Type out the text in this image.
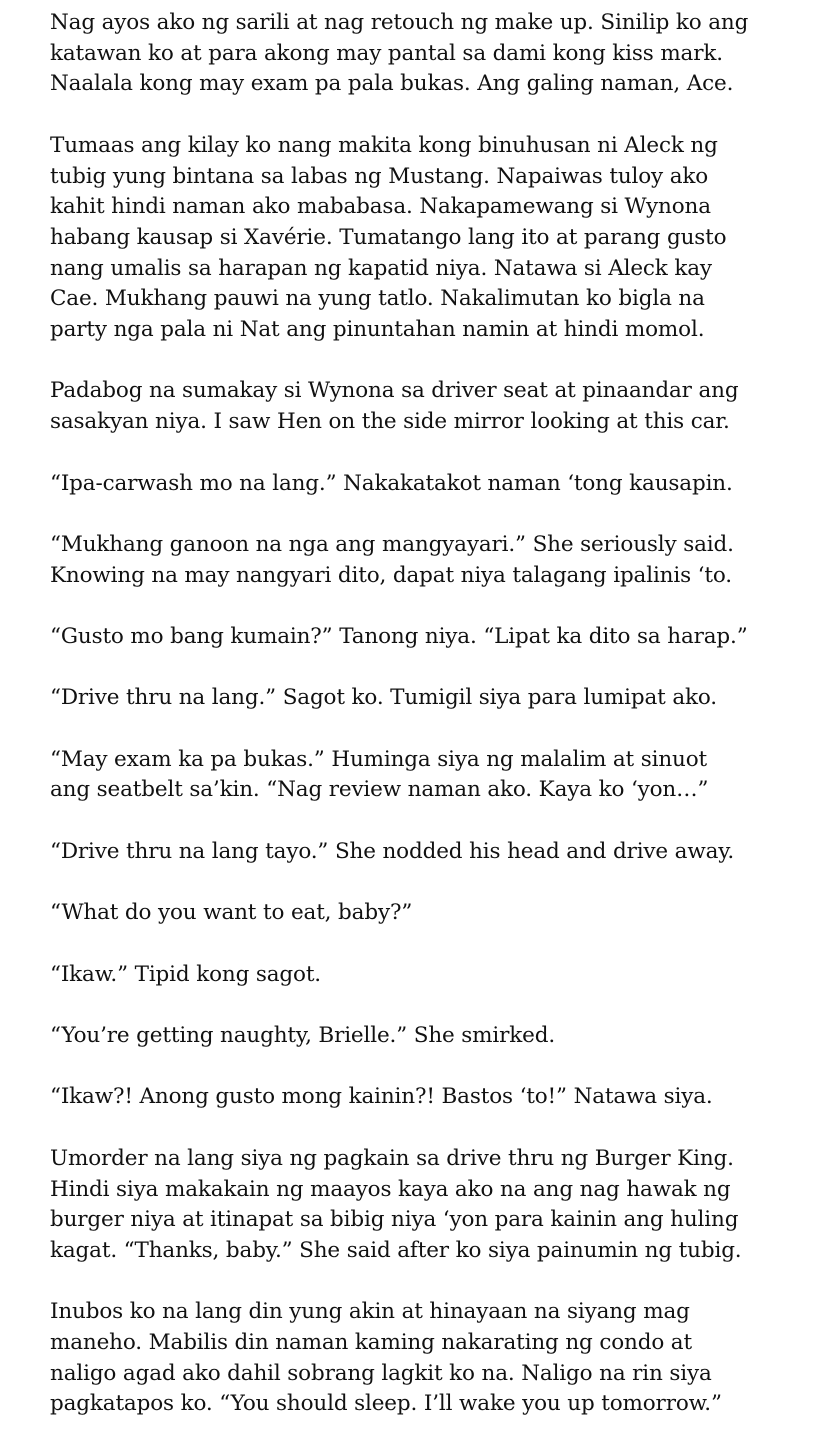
Nag ayos ako ng sarili at nag retouch ng make up. Sinilip ko ang
katawan ko at para akong may pantal sa dami kong kiss mark.
Naalala kong may exam pa pala bukas. Ang galing naman, Ace.

Tumaas ang kilay ko nang makita kong binuhusan ni Aleck ng
tubig yung bintana sa labas ng Mustang. Napaiwas tuloy ako
kahit hindi naman ako mababasa. Nakapamewang si Wynona
habang kausap si Xavérie. Tumatango lang ito at parang gusto
nang umalis sa harapan ng kapatid niya. Natawa si Aleck kay
Cae. Mukhang pauwi na yung tatlo. Nakalimutan ko bigla na
party nga pala ni Nat ang pinuntahan namin at hindi momol.

Padabog na sumakay si Wynona sa driver seat at pinaandar ang
sasakyan niya. I saw Hen on the side mirror looking at this car.

“Ipa-carwash mo na lang.” Nakakatakot naman ‘tong kausapin.

“Mukhang ganoon na nga ang mangyayari.” She seriously said.
Knowing na may nangyari dito, dapat niya talagang ipalinis ‘to.

“Gusto mo bang kumain?” Tanong niya. “Lipat ka dito sa harap.”

“Drive thru na lang.” Sagot ko. Tumigil siya para lumipat ako.

“May exam ka pa bukas.” Huminga siya ng malalim at sinuot
ang seatbelt sa’kin. “Nag review naman ako. Kaya ko ‘yon…”

“Drive thru na lang tayo.” She nodded his head and drive away.

“What do you want to eat, baby?”

“Ikaw.” Tipid kong sagot.

“You’re getting naughty, Brielle.” She smirked.

“Ikaw?! Anong gusto mong kainin?! Bastos ‘to!” Natawa siya.

Umorder na lang siya ng pagkain sa drive thru ng Burger King.
Hindi siya makakain ng maayos kaya ako na ang nag hawak ng
burger niya at itinapat sa bibig niya ‘yon para kainin ang huling
kagat. “Thanks, baby.” She said after ko siya painumin ng tubig.

Inubos ko na lang din yung akin at hinayaan na siyang mag
maneho. Mabilis din naman kaming nakarating ng condo at
naligo agad ako dahil sobrang lagkit ko na. Naligo na rin siya
pagkatapos ko. “You should sleep. I’ll wake you up tomorrow.”
